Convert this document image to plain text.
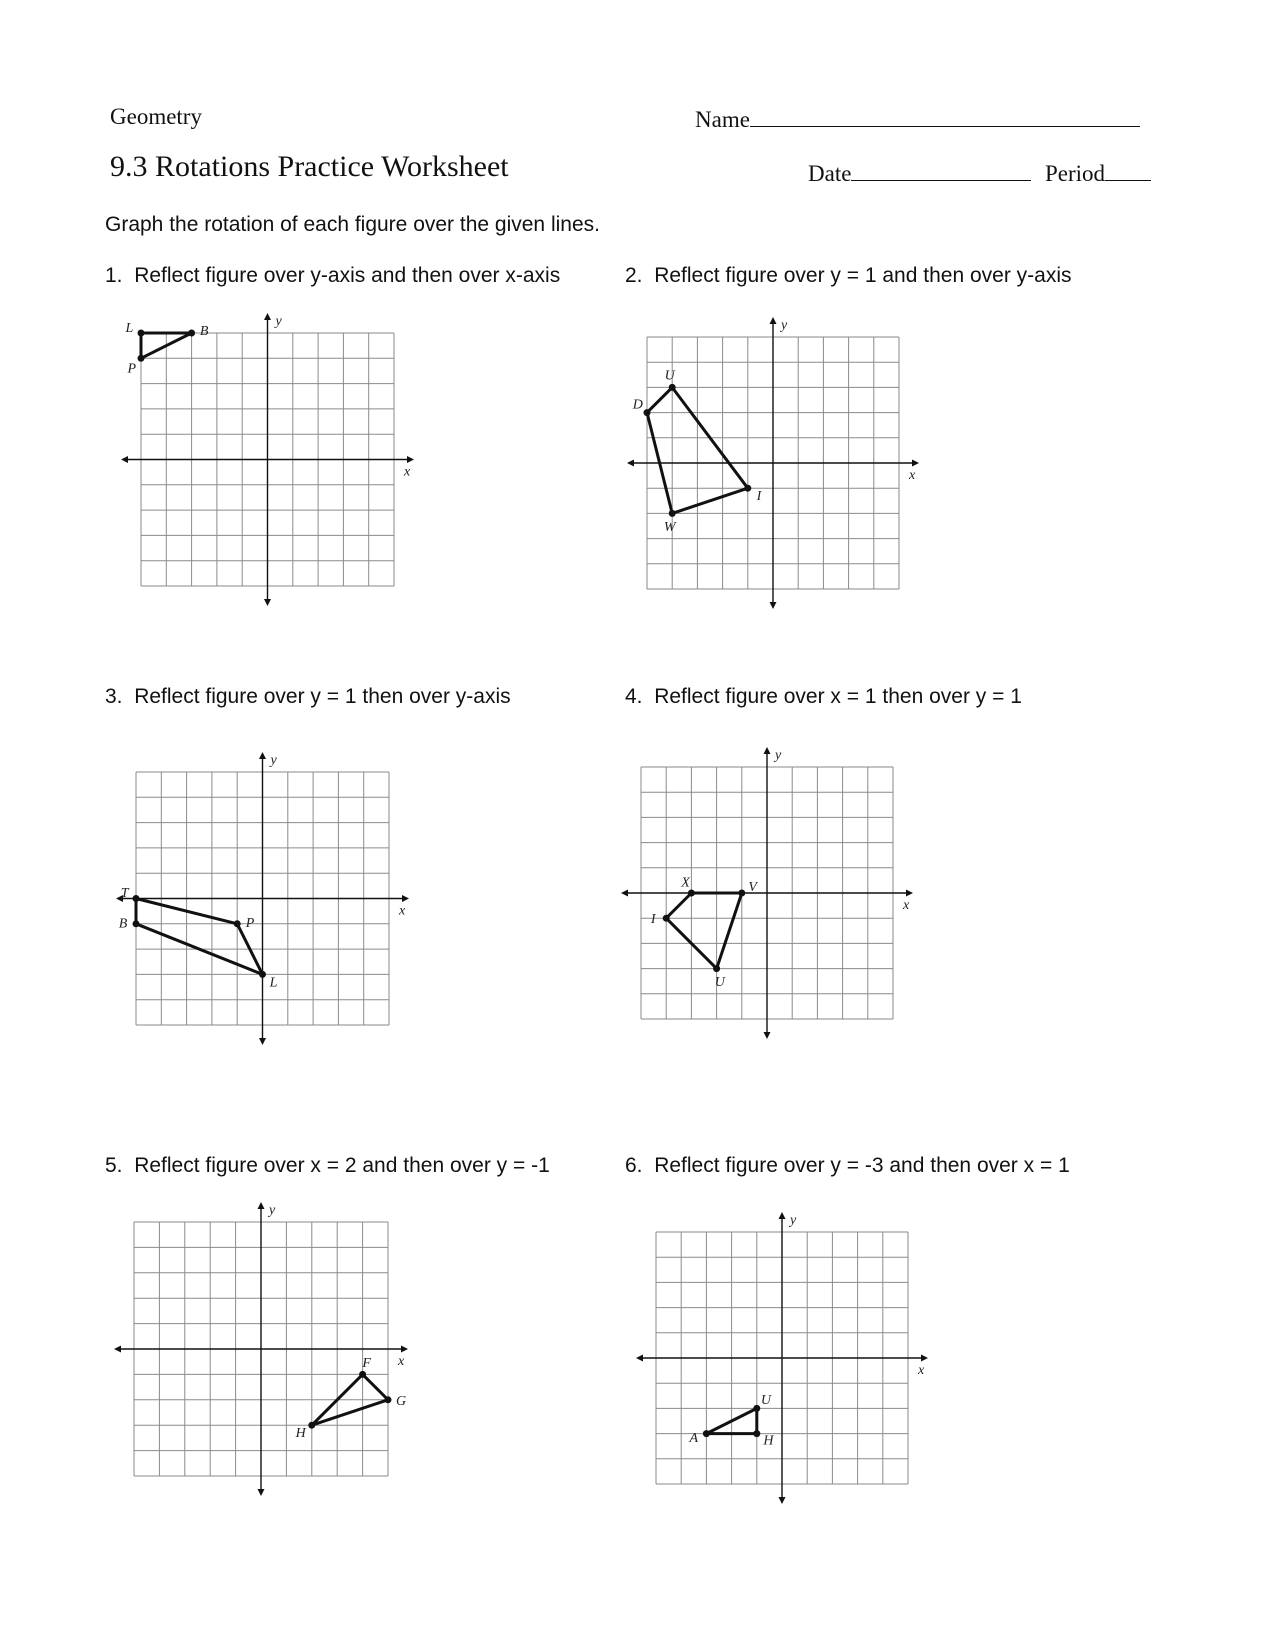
Geometry
9.3 Rotations Practice Worksheet
Name
Date	Period
Graph the rotation of each figure over the given lines.
1. Reflect figure over y-axis and then over x-axis	2. Reflect figure over y = 1 and then over y-axis
3. Reflect figure over y = 1 then over y-axis	4. Reflect figure over x = 1 then over y = 1
5. Reflect figure over x = 2 and then over y = -1	6. Reflect figure over y = -3 and then over x = 1
x
y
L	B
P
x
y
U
I
W
D
x
y
T
P
L
B
x
y
X	V
U
I
x
y
F
G
H
x
y
U
H
A
